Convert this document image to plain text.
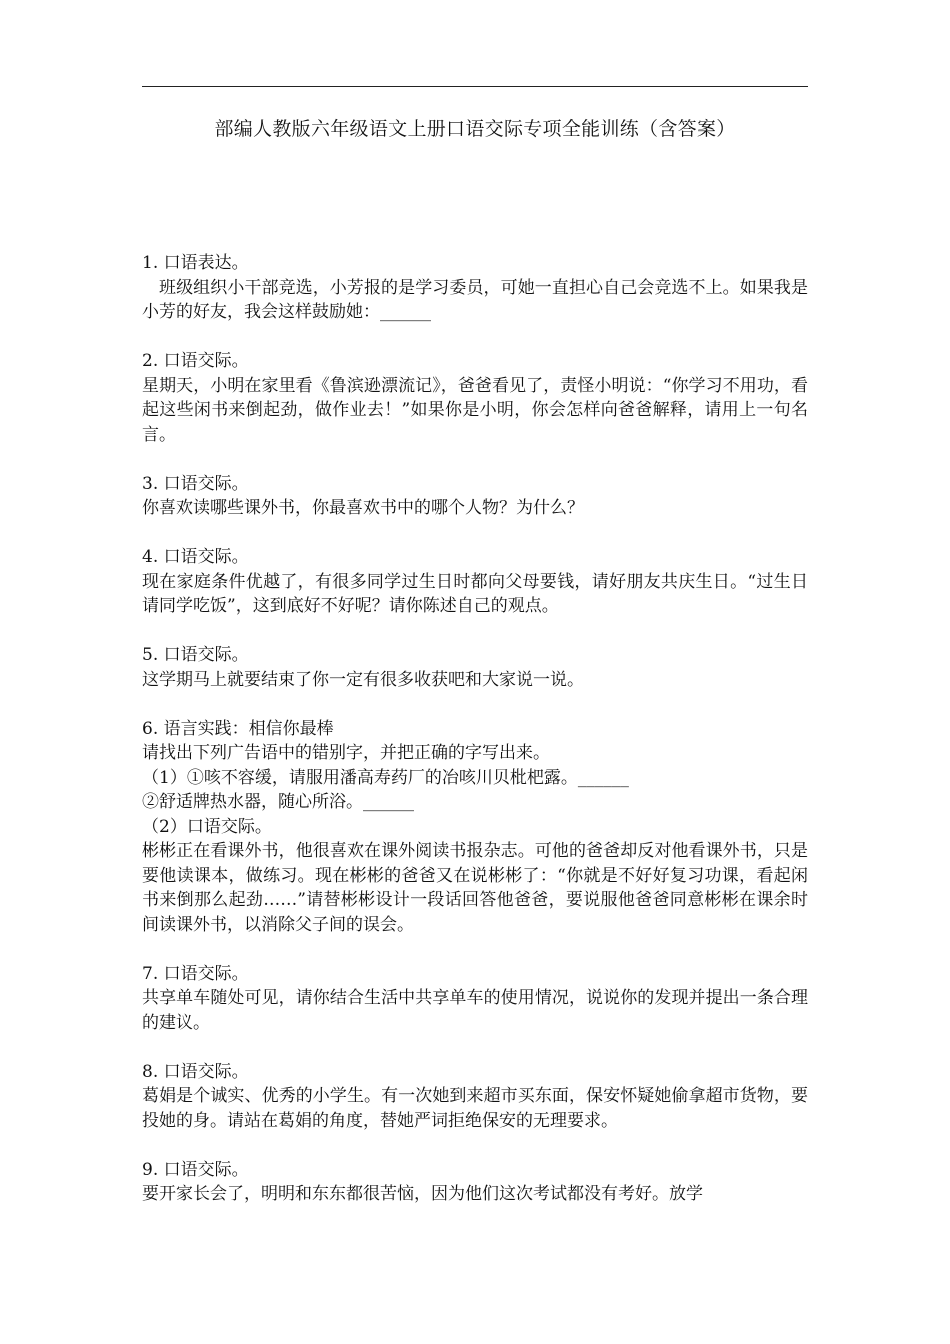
部编人教版六年级语文上册口语交际专项全能训练（含答案）
1. 口语表达。
班级组织小干部竞选，小芳报的是学习委员，可她一直担心自己会竞选不上。如果我是小芳的好友，我会这样鼓励她：______
2. 口语交际。
星期天，小明在家里看《鲁滨逊漂流记》，爸爸看见了，责怪小明说：“你学习不用功，看起这些闲书来倒起劲，做作业去！”如果你是小明，你会怎样向爸爸解释，请用上一句名言。
3. 口语交际。
你喜欢读哪些课外书，你最喜欢书中的哪个人物？为什么？
4. 口语交际。
现在家庭条件优越了，有很多同学过生日时都向父母要钱，请好朋友共庆生日。“过生日请同学吃饭”，这到底好不好呢？请你陈述自己的观点。
5. 口语交际。
这学期马上就要结束了你一定有很多收获吧和大家说一说。
6. 语言实践：相信你最棒
请找出下列广告语中的错别字，并把正确的字写出来。
（1）①咳不容缓，请服用潘高寿药厂的冶咳川贝枇杷露。______
②舒适牌热水器，随心所浴。______
（2）口语交际。
彬彬正在看课外书，他很喜欢在课外阅读书报杂志。可他的爸爸却反对他看课外书，只是要他读课本，做练习。现在彬彬的爸爸又在说彬彬了：“你就是不好好复习功课，看起闲书来倒那么起劲……”请替彬彬设计一段话回答他爸爸，要说服他爸爸同意彬彬在课余时间读课外书，以消除父子间的误会。
7. 口语交际。
共享单车随处可见，请你结合生活中共享单车的使用情况，说说你的发现并提出一条合理的建议。
8. 口语交际。
葛娟是个诚实、优秀的小学生。有一次她到来超市买东面，保安怀疑她偷拿超市货物，要投她的身。请站在葛娟的角度，替她严词拒绝保安的无理要求。
9. 口语交际。
要开家长会了，明明和东东都很苦恼，因为他们这次考试都没有考好。放学
